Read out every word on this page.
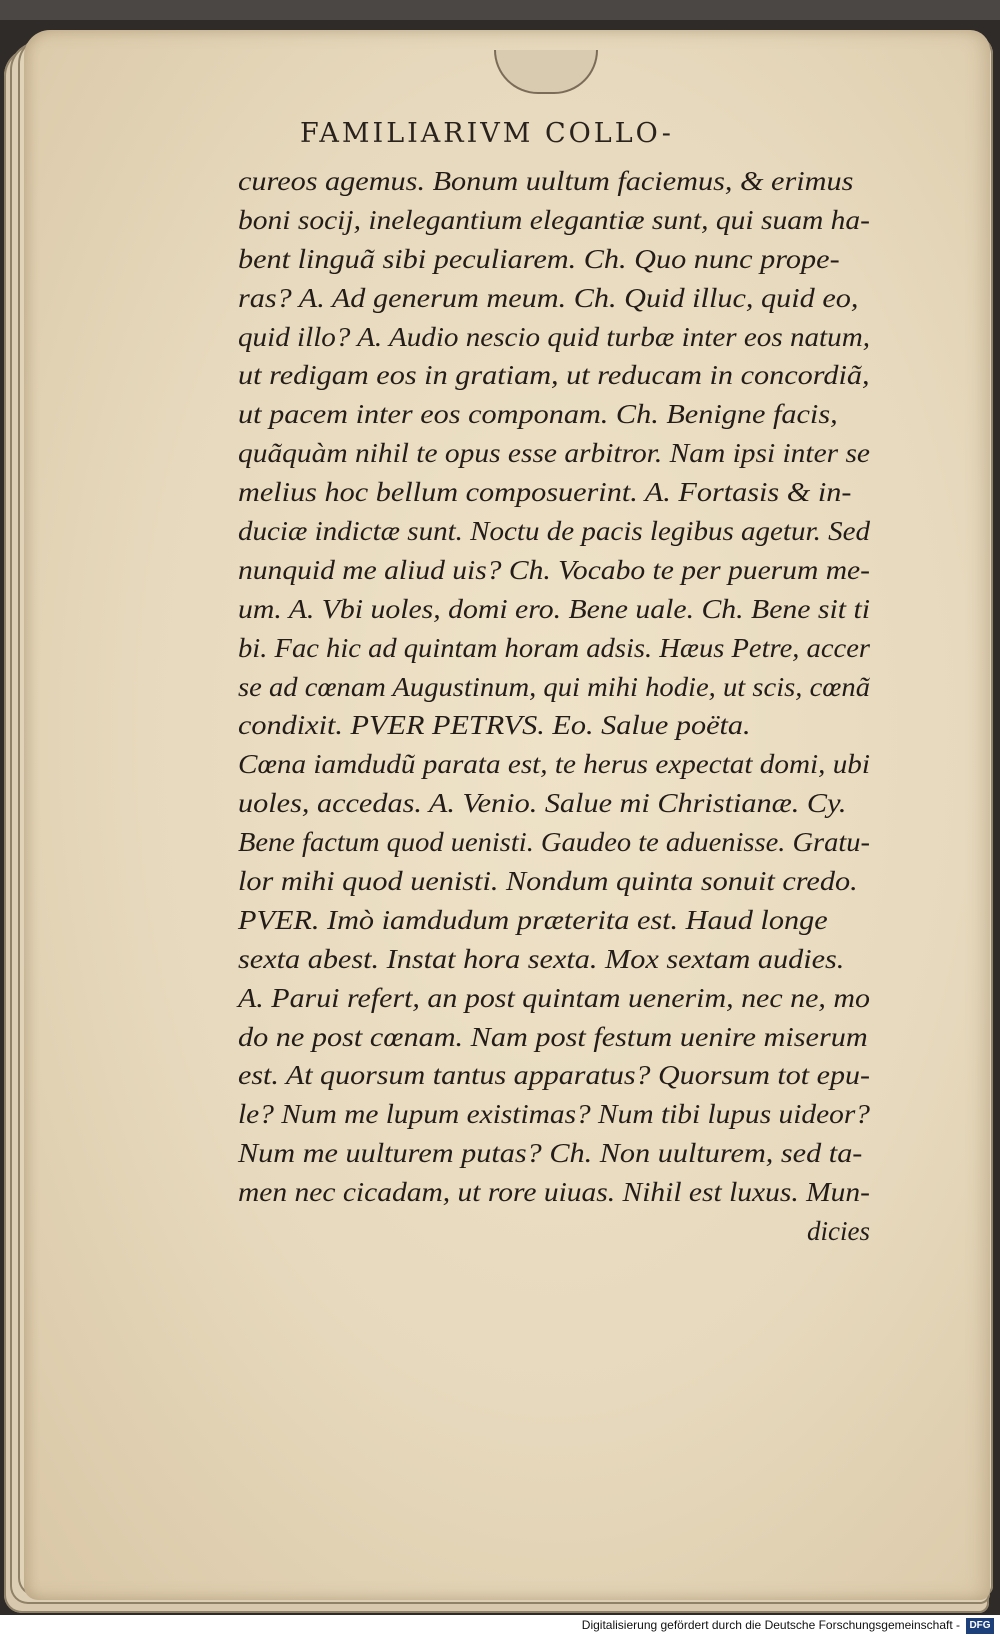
FAMILIARIVM COLLO-
cureos agemus. Bonum uultum faciemus, & erimus
boni socij, inelegantium elegantiæ sunt, qui suam ha-
bent linguã sibi peculiarem. Ch. Quo nunc prope-
ras? A. Ad generum meum. Ch. Quid illuc, quid eo,
quid illo? A. Audio nescio quid turbæ inter eos natum,
ut redigam eos in gratiam, ut reducam in concordiã,
ut pacem inter eos componam. Ch. Benigne facis,
quãquàm nihil te opus esse arbitror. Nam ipsi inter se
melius hoc bellum composuerint. A. Fortasis & in-
duciæ indictæ sunt. Noctu de pacis legibus agetur. Sed
nunquid me aliud uis? Ch. Vocabo te per puerum me-
um. A. Vbi uoles, domi ero. Bene uale. Ch. Bene sit ti
bi. Fac hic ad quintam horam adsis. Hæus Petre, accer
se ad cœnam Augustinum, qui mihi hodie, ut scis, cœnã
condixit. PVER PETRVS. Eo. Salue poëta.
Cœna iamdudũ parata est, te herus expectat domi, ubi
uoles, accedas. A. Venio. Salue mi Christianæ. Cy.
Bene factum quod uenisti. Gaudeo te aduenisse. Gratu-
lor mihi quod uenisti. Nondum quinta sonuit credo.
PVER. Imò iamdudum præterita est. Haud longe
sexta abest. Instat hora sexta. Mox sextam audies.
A. Parui refert, an post quintam uenerim, nec ne, mo
do ne post cœnam. Nam post festum uenire miserum
est. At quorsum tantus apparatus? Quorsum tot epu-
le? Num me lupum existimas? Num tibi lupus uideor?
Num me uulturem putas? Ch. Non uulturem, sed ta-
men nec cicadam, ut rore uiuas. Nihil est luxus. Mun-
dicies
Digitalisierung gefördert durch die Deutsche Forschungsgemeinschaft - DFG
